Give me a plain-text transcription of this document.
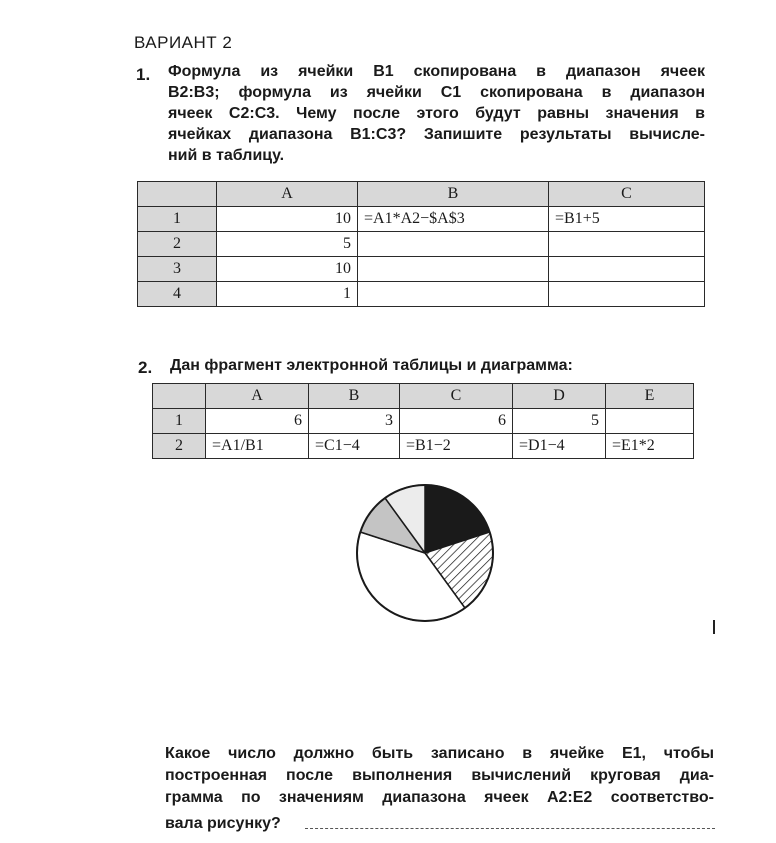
ВАРИАНТ 2
1. Формула из ячейки B1 скопирована в диапазон ячеек
B2:B3; формула из ячейки C1 скопирована в диапазон
ячеек C2:C3. Чему после этого будут равны значения в
ячейках диапазона B1:C3? Запишите результаты вычисле-
ний в таблицу.
	A	B	C
1	10	=A1*A2−$A$3	=B1+5
2	5		
3	10		
4	1		
2. Дан фрагмент электронной таблицы и диаграмма:
	A	B	C	D	E
1	6	3	6	5	
2	=A1/B1	=C1−4	=B1−2	=D1−4	=E1*2
Какое число должно быть записано в ячейке E1, чтобы
построенная после выполнения вычислений круговая диа-
грамма по значениям диапазона ячеек A2:E2 соответство-
вала рисунку?
